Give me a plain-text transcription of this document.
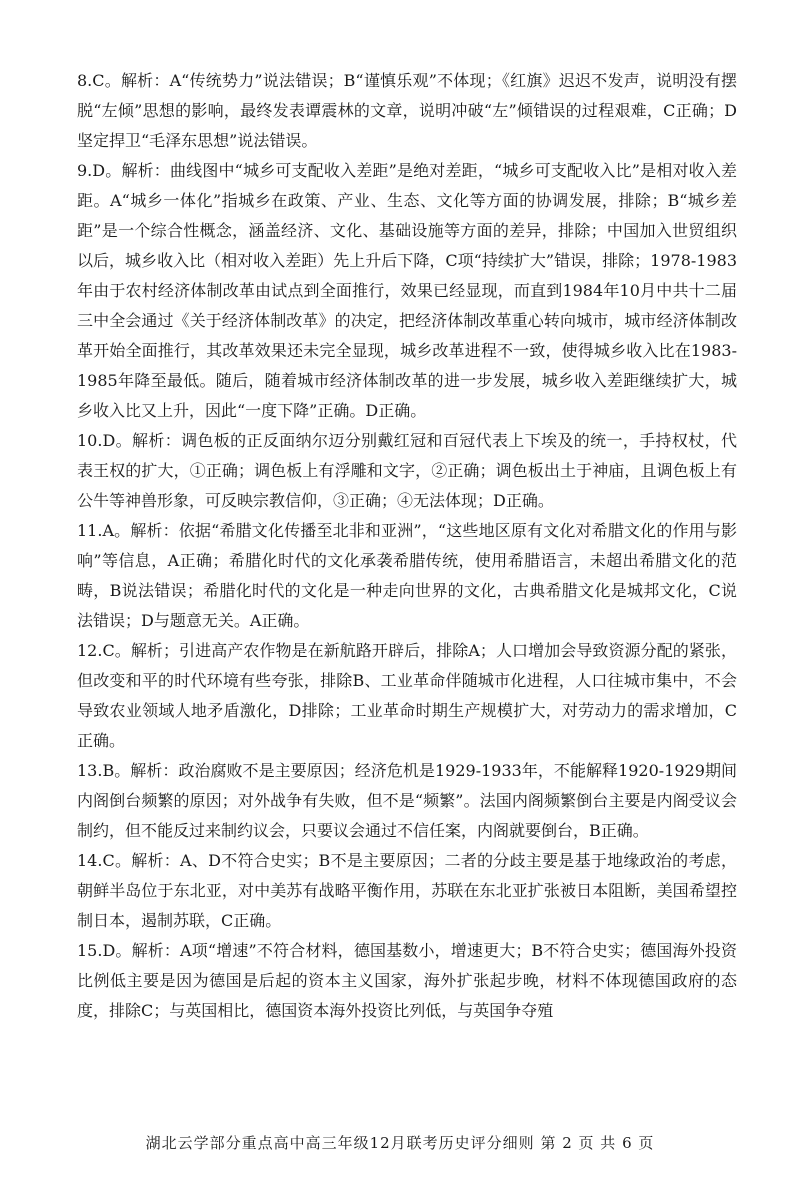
8.C。解析：A“传统势力”说法错误；B“谨慎乐观”不体现；《红旗》迟迟不发声，说明没有摆脱“左倾”思想的影响，最终发表谭震林的文章，说明冲破“左”倾错误的过程艰难，C正确；D坚定捍卫“毛泽东思想”说法错误。

9.D。解析：曲线图中“城乡可支配收入差距”是绝对差距，“城乡可支配收入比”是相对收入差距。A“城乡一体化”指城乡在政策、产业、生态、文化等方面的协调发展，排除；B“城乡差距”是一个综合性概念，涵盖经济、文化、基础设施等方面的差异，排除；中国加入世贸组织以后，城乡收入比（相对收入差距）先上升后下降，C项“持续扩大”错误，排除；1978-1983年由于农村经济体制改革由试点到全面推行，效果已经显现，而直到1984年10月中共十二届三中全会通过《关于经济体制改革》的决定，把经济体制改革重心转向城市，城市经济体制改革开始全面推行，其改革效果还未完全显现，城乡改革进程不一致，使得城乡收入比在1983-1985年降至最低。随后，随着城市经济体制改革的进一步发展，城乡收入差距继续扩大，城乡收入比又上升，因此“一度下降”正确。D正确。

10.D。解析：调色板的正反面纳尔迈分别戴红冠和百冠代表上下埃及的统一，手持权杖，代表王权的扩大，①正确；调色板上有浮雕和文字，②正确；调色板出土于神庙，且调色板上有公牛等神兽形象，可反映宗教信仰，③正确；④无法体现；D正确。

11.A。解析：依据“希腊文化传播至北非和亚洲”，“这些地区原有文化对希腊文化的作用与影响”等信息，A正确；希腊化时代的文化承袭希腊传统，使用希腊语言，未超出希腊文化的范畴，B说法错误；希腊化时代的文化是一种走向世界的文化，古典希腊文化是城邦文化，C说法错误；D与题意无关。A正确。

12.C。解析；引进高产农作物是在新航路开辟后，排除A；人口增加会导致资源分配的紧张，但改变和平的时代环境有些夸张，排除B、工业革命伴随城市化进程，人口往城市集中，不会导致农业领域人地矛盾激化，D排除；工业革命时期生产规模扩大，对劳动力的需求增加，C正确。

13.B。解析：政治腐败不是主要原因；经济危机是1929-1933年，不能解释1920-1929期间内阁倒台频繁的原因；对外战争有失败，但不是“频繁”。法国内阁频繁倒台主要是内阁受议会制约，但不能反过来制约议会，只要议会通过不信任案，内阁就要倒台，B正确。

14.C。解析：A、D不符合史实；B不是主要原因；二者的分歧主要是基于地缘政治的考虑，朝鲜半岛位于东北亚，对中美苏有战略平衡作用，苏联在东北亚扩张被日本阻断，美国希望控制日本，遏制苏联，C正确。

15.D。解析：A项“增速”不符合材料，德国基数小，增速更大；B不符合史实；德国海外投资比例低主要是因为德国是后起的资本主义国家，海外扩张起步晚，材料不体现德国政府的态度，排除C；与英国相比，德国资本海外投资比列低，与英国争夺殖

湖北云学部分重点高中高三年级12月联考历史评分细则 第 2 页 共 6 页
